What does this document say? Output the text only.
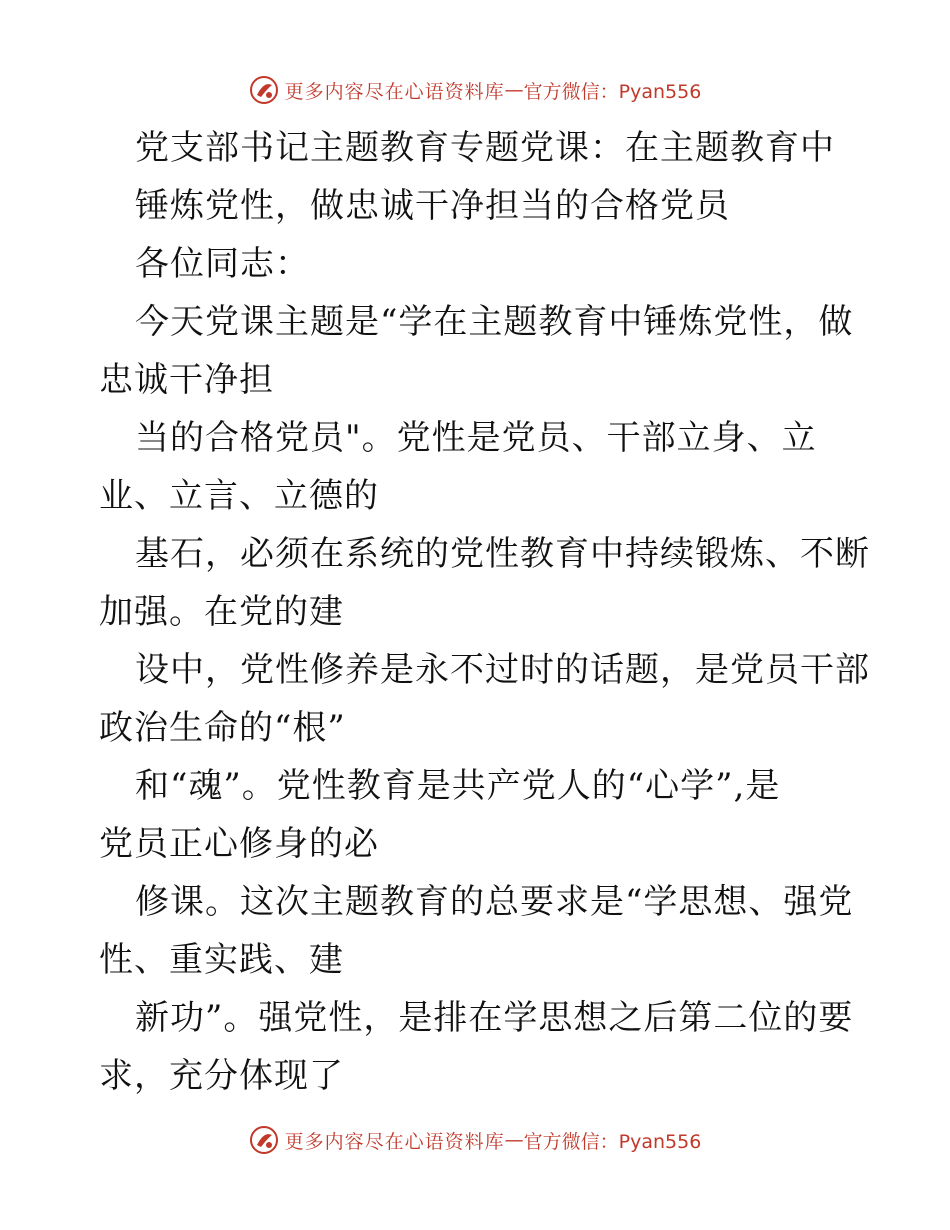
更多内容尽在心语资料库 — 官方微信：Pyan556
党支部书记主题教育专题党课：在主题教育中
锤炼党性，做忠诚干净担当的合格党员
各位同志：
今天党课主题是“学在主题教育中锤炼党性，做
忠诚干净担
当的合格党员"。党性是党员、干部立身、立
业、立言、立德的
基石，必须在系统的党性教育中持续锻炼、不断
加强。在党的建
设中，党性修养是永不过时的话题，是党员干部
政治生命的“根”
和“魂”。党性教育是共产党人的“心学”,是
党员正心修身的必
修课。这次主题教育的总要求是“学思想、强党
性、重实践、建
新功”。强党性，是排在学思想之后第二位的要
求，充分体现了
更多内容尽在心语资料库 — 官方微信：Pyan556
